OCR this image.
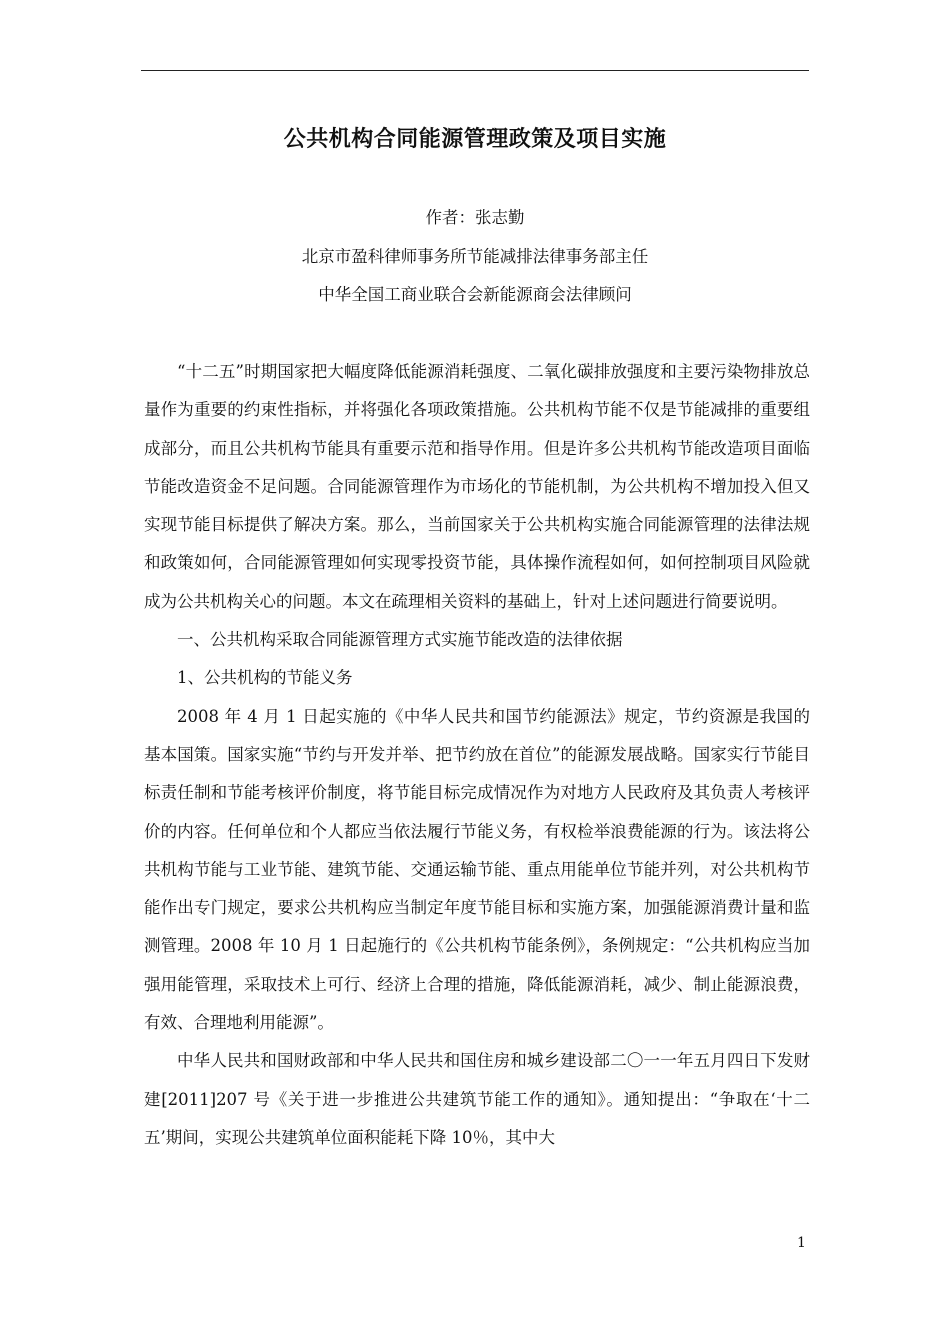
公共机构合同能源管理政策及项目实施
作者：张志勤
北京市盈科律师事务所节能减排法律事务部主任
中华全国工商业联合会新能源商会法律顾问

“十二五”时期国家把大幅度降低能源消耗强度、二氧化碳排放强度和主要污染物排放总量作为重要的约束性指标，并将强化各项政策措施。公共机构节能不仅是节能减排的重要组成部分，而且公共机构节能具有重要示范和指导作用。但是许多公共机构节能改造项目面临节能改造资金不足问题。合同能源管理作为市场化的节能机制，为公共机构不增加投入但又实现节能目标提供了解决方案。那么，当前国家关于公共机构实施合同能源管理的法律法规和政策如何，合同能源管理如何实现零投资节能，具体操作流程如何，如何控制项目风险就成为公共机构关心的问题。本文在疏理相关资料的基础上，针对上述问题进行简要说明。

一、公共机构采取合同能源管理方式实施节能改造的法律依据

1、公共机构的节能义务

2008 年 4 月 1 日起实施的《中华人民共和国节约能源法》规定，节约资源是我国的基本国策。国家实施“节约与开发并举、把节约放在首位”的能源发展战略。国家实行节能目标责任制和节能考核评价制度，将节能目标完成情况作为对地方人民政府及其负责人考核评价的内容。任何单位和个人都应当依法履行节能义务，有权检举浪费能源的行为。该法将公共机构节能与工业节能、建筑节能、交通运输节能、重点用能单位节能并列，对公共机构节能作出专门规定，要求公共机构应当制定年度节能目标和实施方案，加强能源消费计量和监测管理。2008 年 10 月 1 日起施行的《公共机构节能条例》，条例规定：“公共机构应当加强用能管理，采取技术上可行、经济上合理的措施，降低能源消耗，减少、制止能源浪费，有效、合理地利用能源”。

中华人民共和国财政部和中华人民共和国住房和城乡建设部二〇一一年五月四日下发财建[2011]207 号《关于进一步推进公共建筑节能工作的通知》。通知提出：“争取在‘十二五’期间，实现公共建筑单位面积能耗下降 10％，其中大

1
